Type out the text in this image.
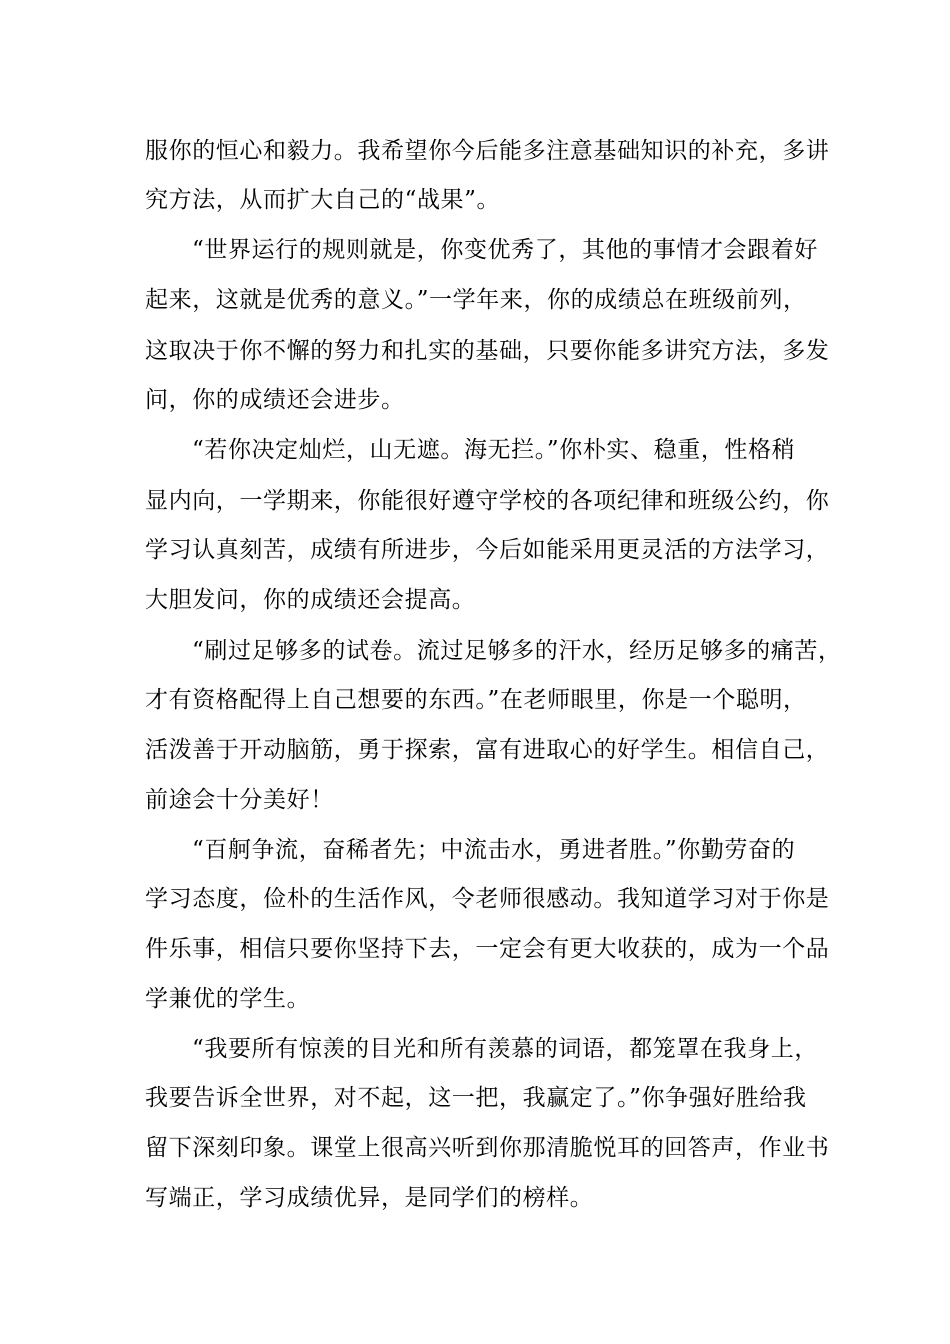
服你的恒心和毅力。我希望你今后能多注意基础知识的补充，多讲
究方法，从而扩大自己的“战果”。
“世界运行的规则就是，你变优秀了，其他的事情才会跟着好
起来，这就是优秀的意义。”一学年来，你的成绩总在班级前列，
这取决于你不懈的努力和扎实的基础，只要你能多讲究方法，多发
问，你的成绩还会进步。
“若你决定灿烂，山无遮。海无拦。”你朴实、稳重，性格稍
显内向，一学期来，你能很好遵守学校的各项纪律和班级公约，你
学习认真刻苦，成绩有所进步，今后如能采用更灵活的方法学习，
大胆发问，你的成绩还会提高。
“刷过足够多的试卷。流过足够多的汗水，经历足够多的痛苦，
才有资格配得上自己想要的东西。”在老师眼里，你是一个聪明，
活泼善于开动脑筋，勇于探索，富有进取心的好学生。相信自己，
前途会十分美好！
“百舸争流，奋稀者先；中流击水，勇进者胜。”你勤劳奋的
学习态度，俭朴的生活作风，令老师很感动。我知道学习对于你是
件乐事，相信只要你坚持下去，一定会有更大收获的，成为一个品
学兼优的学生。
“我要所有惊羡的目光和所有羡慕的词语，都笼罩在我身上，
我要告诉全世界，对不起，这一把，我赢定了。”你争强好胜给我
留下深刻印象。课堂上很高兴听到你那清脆悦耳的回答声，作业书
写端正，学习成绩优异，是同学们的榜样。
